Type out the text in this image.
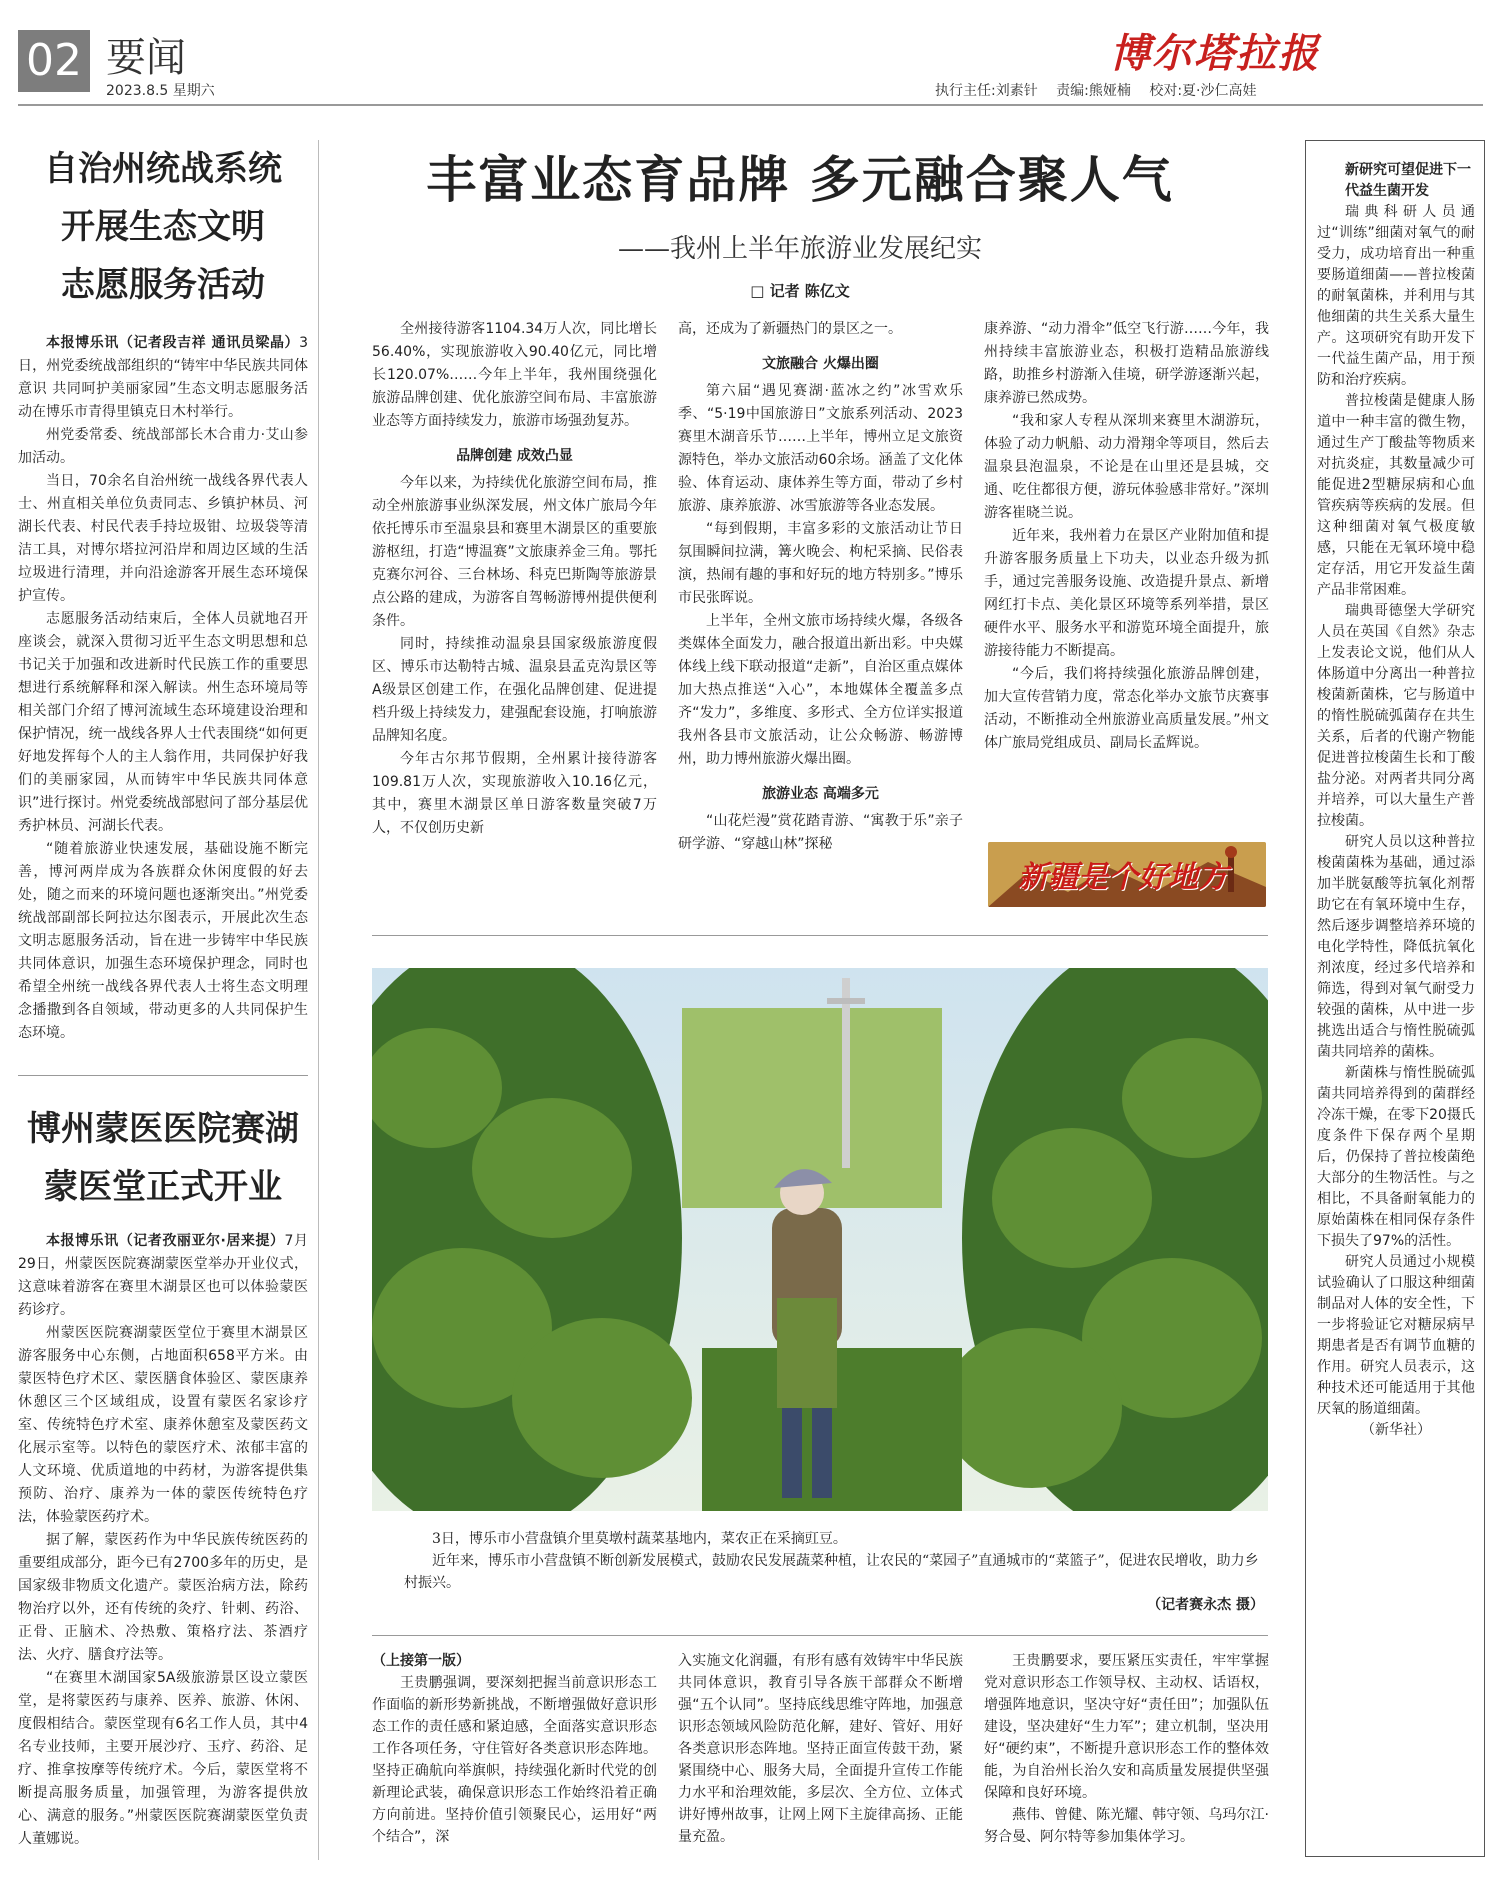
02 要闻
2023.8.5 星期六
博尔塔拉报
执行主任:刘素针 责编:熊娅楠 校对:夏·沙仁高娃
自治州统战系统
开展生态文明
志愿服务活动

本报博乐讯（记者段吉祥 通讯员梁晶）3日，州党委统战部组织的“铸牢中华民族共同体意识 共同呵护美丽家园”生态文明志愿服务活动在博乐市青得里镇克日木村举行。

州党委常委、统战部部长木合甫力·艾山参加活动。

当日，70余名自治州统一战线各界代表人士、州直相关单位负责同志、乡镇护林员、河湖长代表、村民代表手持垃圾钳、垃圾袋等清洁工具，对博尔塔拉河沿岸和周边区域的生活垃圾进行清理，并向沿途游客开展生态环境保护宣传。

志愿服务活动结束后，全体人员就地召开座谈会，就深入贯彻习近平生态文明思想和总书记关于加强和改进新时代民族工作的重要思想进行系统解释和深入解读。州生态环境局等相关部门介绍了博河流域生态环境建设治理和保护情况，统一战线各界人士代表围绕“如何更好地发挥每个人的主人翁作用，共同保护好我们的美丽家园，从而铸牢中华民族共同体意识”进行探讨。州党委统战部慰问了部分基层优秀护林员、河湖长代表。

“随着旅游业快速发展，基础设施不断完善，博河两岸成为各族群众休闲度假的好去处，随之而来的环境问题也逐渐突出。”州党委统战部副部长阿拉达尔图表示，开展此次生态文明志愿服务活动，旨在进一步铸牢中华民族共同体意识，加强生态环境保护理念，同时也希望全州统一战线各界代表人士将生态文明理念播撒到各自领域，带动更多的人共同保护生态环境。

博州蒙医医院赛湖
蒙医堂正式开业

本报博乐讯（记者孜丽亚尔·居来提）7月29日，州蒙医医院赛湖蒙医堂举办开业仪式，这意味着游客在赛里木湖景区也可以体验蒙医药诊疗。

州蒙医医院赛湖蒙医堂位于赛里木湖景区游客服务中心东侧，占地面积658平方米。由蒙医特色疗术区、蒙医膳食体验区、蒙医康养休憩区三个区域组成，设置有蒙医名家诊疗室、传统特色疗术室、康养休憩室及蒙医药文化展示室等。以特色的蒙医疗术、浓郁丰富的人文环境、优质道地的中药材，为游客提供集预防、治疗、康养为一体的蒙医传统特色疗法，体验蒙医药疗术。

据了解，蒙医药作为中华民族传统医药的重要组成部分，距今已有2700多年的历史，是国家级非物质文化遗产。蒙医治病方法，除药物治疗以外，还有传统的灸疗、针刺、药浴、正骨、正脑术、冷热敷、策格疗法、茶酒疗法、火疗、膳食疗法等。

“在赛里木湖国家5A级旅游景区设立蒙医堂，是将蒙医药与康养、医养、旅游、休闲、度假相结合。蒙医堂现有6名工作人员，其中4名专业技师，主要开展沙疗、玉疗、药浴、足疗、推拿按摩等传统疗术。今后，蒙医堂将不断提高服务质量，加强管理，为游客提供放心、满意的服务。”州蒙医医院赛湖蒙医堂负责人董娜说。

丰富业态育品牌 多元融合聚人气
——我州上半年旅游业发展纪实
□ 记者 陈亿文

全州接待游客1104.34万人次，同比增长56.40%，实现旅游收入90.40亿元，同比增长120.07%……今年上半年，我州围绕强化旅游品牌创建、优化旅游空间布局、丰富旅游业态等方面持续发力，旅游市场强劲复苏。

品牌创建 成效凸显

今年以来，为持续优化旅游空间布局，推动全州旅游事业纵深发展，州文体广旅局今年依托博乐市至温泉县和赛里木湖景区的重要旅游枢纽，打造“博温赛”文旅康养金三角。鄂托克赛尔河谷、三台林场、科克巴斯陶等旅游景点公路的建成，为游客自驾畅游博州提供便利条件。

同时，持续推动温泉县国家级旅游度假区、博乐市达勒特古城、温泉县孟克沟景区等A级景区创建工作，在强化品牌创建、促进提档升级上持续发力，建强配套设施，打响旅游品牌知名度。

今年古尔邦节假期，全州累计接待游客109.81万人次，实现旅游收入10.16亿元，其中，赛里木湖景区单日游客数量突破7万人，不仅创历史新

高，还成为了新疆热门的景区之一。

文旅融合 火爆出圈

第六届“遇见赛湖·蓝冰之约”冰雪欢乐季、“5·19中国旅游日”文旅系列活动、2023赛里木湖音乐节……上半年，博州立足文旅资源特色，举办文旅活动60余场。涵盖了文化体验、体育运动、康体养生等方面，带动了乡村旅游、康养旅游、冰雪旅游等各业态发展。

“每到假期，丰富多彩的文旅活动让节日氛围瞬间拉满，篝火晚会、枸杞采摘、民俗表演，热闹有趣的事和好玩的地方特别多。”博乐市民张晖说。

上半年，全州文旅市场持续火爆，各级各类媒体全面发力，融合报道出新出彩。中央媒体线上线下联动报道“走新”，自治区重点媒体加大热点推送“入心”，本地媒体全覆盖多点齐“发力”，多维度、多形式、全方位详实报道我州各县市文旅活动，让公众畅游、畅游博州，助力博州旅游火爆出圈。

旅游业态 高端多元

“山花烂漫”赏花踏青游、“寓教于乐”亲子研学游、“穿越山林”探秘

康养游、“动力滑伞”低空飞行游……今年，我州持续丰富旅游业态，积极打造精品旅游线路，助推乡村游渐入佳境，研学游逐渐兴起，康养游已然成势。

“我和家人专程从深圳来赛里木湖游玩，体验了动力帆船、动力滑翔伞等项目，然后去温泉县泡温泉，不论是在山里还是县城，交通、吃住都很方便，游玩体验感非常好。”深圳游客崔晓兰说。

近年来，我州着力在景区产业附加值和提升游客服务质量上下功夫，以业态升级为抓手，通过完善服务设施、改造提升景点、新增网红打卡点、美化景区环境等系列举措，景区硬件水平、服务水平和游览环境全面提升，旅游接待能力不断提高。

“今后，我们将持续强化旅游品牌创建，加大宣传营销力度，常态化举办文旅节庆赛事活动，不断推动全州旅游业高质量发展。”州文体广旅局党组成员、副局长孟辉说。

新疆是个好地方

3日，博乐市小营盘镇介里莫墩村蔬菜基地内，菜农正在采摘豇豆。

近年来，博乐市小营盘镇不断创新发展模式，鼓励农民发展蔬菜种植，让农民的“菜园子”直通城市的“菜篮子”，促进农民增收，助力乡村振兴。

（记者赛永杰 摄）
（上接第一版）

王贵鹏强调，要深刻把握当前意识形态工作面临的新形势新挑战，不断增强做好意识形态工作的责任感和紧迫感，全面落实意识形态工作各项任务，守住管好各类意识形态阵地。坚持正确航向举旗帜，持续强化新时代党的创新理论武装，确保意识形态工作始终沿着正确方向前进。坚持价值引领聚民心，运用好“两个结合”，深

入实施文化润疆，有形有感有效铸牢中华民族共同体意识，教育引导各族干部群众不断增强“五个认同”。坚持底线思维守阵地，加强意识形态领域风险防范化解，建好、管好、用好各类意识形态阵地。坚持正面宣传鼓干劲，紧紧围绕中心、服务大局，全面提升宣传工作能力水平和治理效能，多层次、全方位、立体式讲好博州故事，让网上网下主旋律高扬、正能量充盈。

王贵鹏要求，要压紧压实责任，牢牢掌握党对意识形态工作领导权、主动权、话语权，增强阵地意识，坚决守好“责任田”；加强队伍建设，坚决建好“生力军”；建立机制，坚决用好“硬约束”，不断提升意识形态工作的整体效能，为自治州长治久安和高质量发展提供坚强保障和良好环境。

燕伟、曾健、陈光耀、韩守领、乌玛尔江·努合曼、阿尔特等参加集体学习。

新研究可望促进下一代益生菌开发

瑞典科研人员通过“训练”细菌对氧气的耐受力，成功培育出一种重要肠道细菌——普拉梭菌的耐氧菌株，并利用与其他细菌的共生关系大量生产。这项研究有助开发下一代益生菌产品，用于预防和治疗疾病。

普拉梭菌是健康人肠道中一种丰富的微生物，通过生产丁酸盐等物质来对抗炎症，其数量减少可能促进2型糖尿病和心血管疾病等疾病的发展。但这种细菌对氧气极度敏感，只能在无氧环境中稳定存活，用它开发益生菌产品非常困难。

瑞典哥德堡大学研究人员在英国《自然》杂志上发表论文说，他们从人体肠道中分离出一种普拉梭菌新菌株，它与肠道中的惰性脱硫弧菌存在共生关系，后者的代谢产物能促进普拉梭菌生长和丁酸盐分泌。对两者共同分离并培养，可以大量生产普拉梭菌。

研究人员以这种普拉梭菌菌株为基础，通过添加半胱氨酸等抗氧化剂帮助它在有氧环境中生存，然后逐步调整培养环境的电化学特性，降低抗氧化剂浓度，经过多代培养和筛选，得到对氧气耐受力较强的菌株，从中进一步挑选出适合与惰性脱硫弧菌共同培养的菌株。

新菌株与惰性脱硫弧菌共同培养得到的菌群经冷冻干燥，在零下20摄氏度条件下保存两个星期后，仍保持了普拉梭菌绝大部分的生物活性。与之相比，不具备耐氧能力的原始菌株在相同保存条件下损失了97%的活性。

研究人员通过小规模试验确认了口服这种细菌制品对人体的安全性，下一步将验证它对糖尿病早期患者是否有调节血糖的作用。研究人员表示，这种技术还可能适用于其他厌氧的肠道细菌。

（新华社）
